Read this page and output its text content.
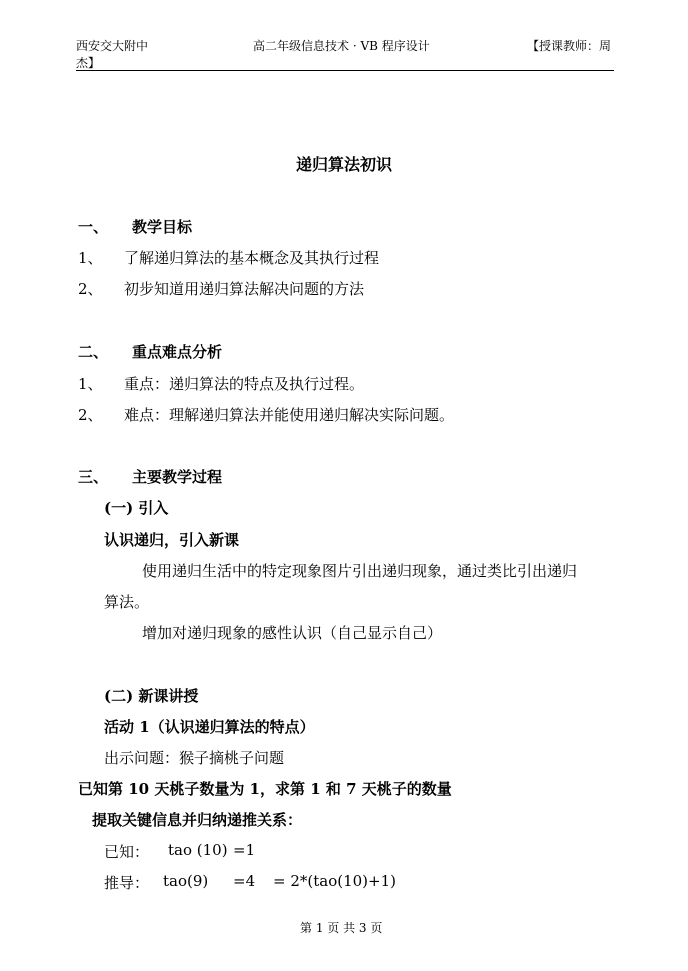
西安交大附中
杰】
高二年级信息技术 · VB 程序设计	【授课教师：周
递归算法初识
一、 教学目标
1、 了解递归算法的基本概念及其执行过程
2、 初步知道用递归算法解决问题的方法
二、 重点难点分析
1、 重点：递归算法的特点及执行过程。
2、 难点：理解递归算法并能使用递归解决实际问题。
三、 主要教学过程
(一) 引入
认识递归，引入新课
使用递归生活中的特定现象图片引出递归现象，通过类比引出递归
算法。
增加对递归现象的感性认识（自己显示自己）
(二) 新课讲授
活动 1（认识递归算法的特点）
出示问题：猴子摘桃子问题
已知第 10 天桃子数量为 1，求第 1 和 7 天桃子的数量
提取关键信息并归纳递推关系：
已知： tao (10) =1
推导： tao(9) =4 = 2*(tao(10)+1)
第 1 页 共 3 页
